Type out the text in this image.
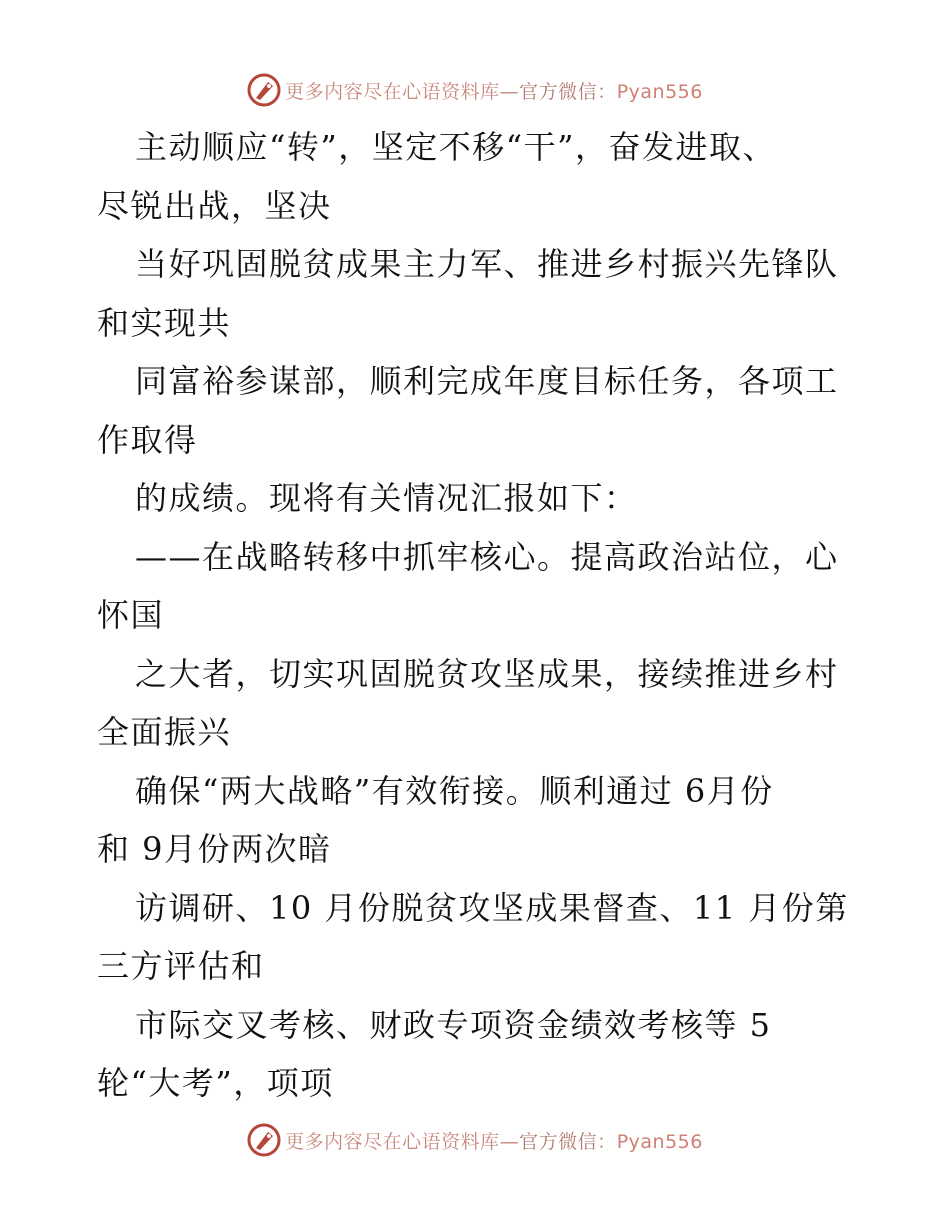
更多内容尽在心语资料库—官方微信：Pyan556
主动顺应“转”，坚定不移“干”，奋发进取、
尽锐出战，坚决
当好巩固脱贫成果主力军、推进乡村振兴先锋队
和实现共
同富裕参谋部，顺利完成年度目标任务，各项工
作取得
的成绩。现将有关情况汇报如下：
——在战略转移中抓牢核心。提高政治站位，心
怀国
之大者，切实巩固脱贫攻坚成果，接续推进乡村
全面振兴
确保“两大战略”有效衔接。顺利通过 6月份
和 9月份两次暗
访调研、10 月份脱贫攻坚成果督查、11 月份第
三方评估和
市际交叉考核、财政专项资金绩效考核等 5
轮“大考”，项项
更多内容尽在心语资料库—官方微信：Pyan556
